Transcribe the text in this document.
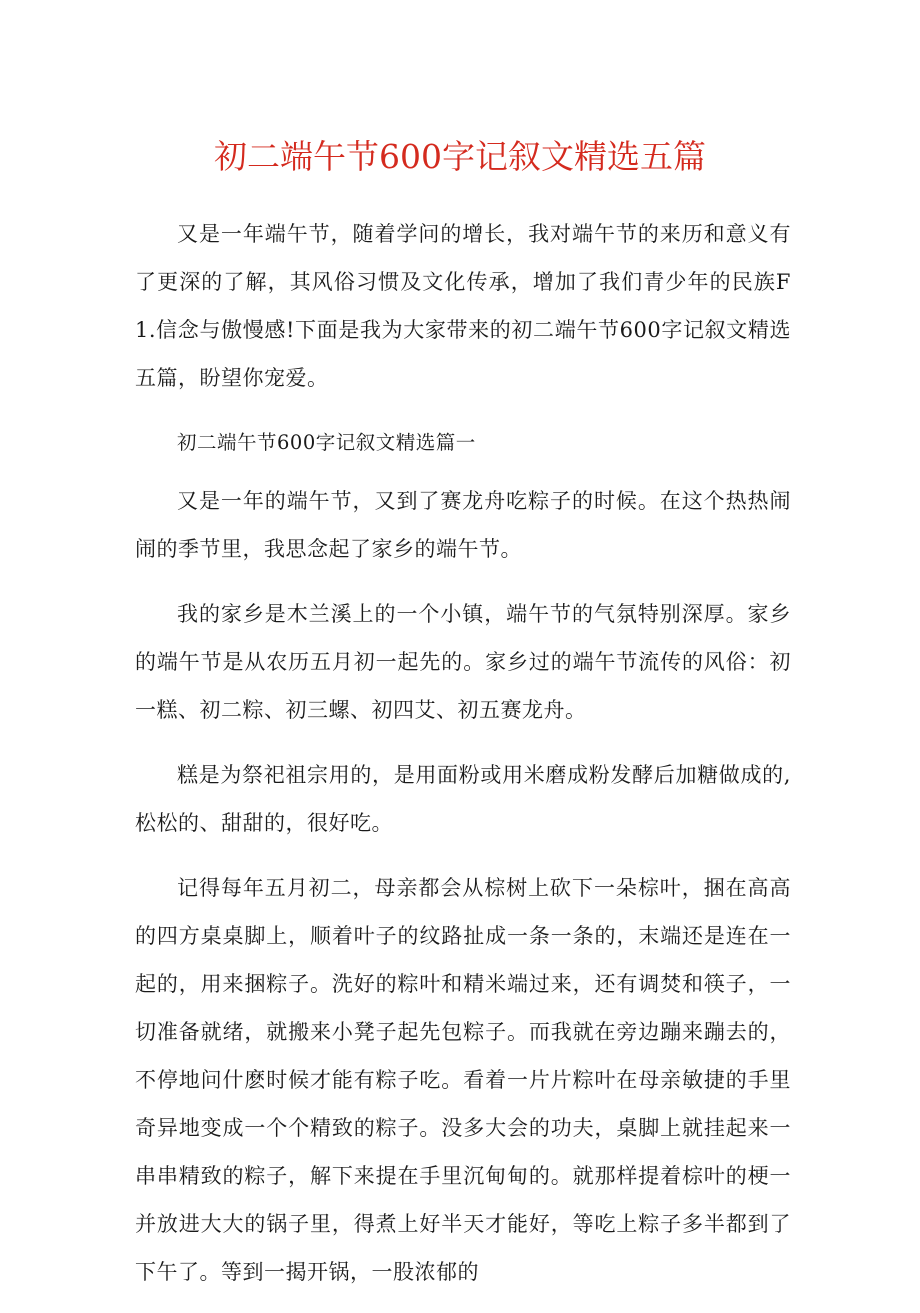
初二端午节600字记叙文精选五篇

又是一年端午节，随着学问的增长，我对端午节的来历和意义有了更深的了解，其风俗习惯及文化传承，增加了我们青少年的民族F1.信念与傲慢感!下面是我为大家带来的初二端午节600字记叙文精选五篇，盼望你宠爱。

初二端午节600字记叙文精选篇一

又是一年的端午节，又到了赛龙舟吃粽子的时候。在这个热热闹闹的季节里，我思念起了家乡的端午节。

我的家乡是木兰溪上的一个小镇，端午节的气氛特别深厚。家乡的端午节是从农历五月初一起先的。家乡过的端午节流传的风俗：初一糕、初二粽、初三螺、初四艾、初五赛龙舟。

糕是为祭祀祖宗用的，是用面粉或用米磨成粉发酵后加糖做成的,松松的、甜甜的，很好吃。

记得每年五月初二，母亲都会从棕树上砍下一朵棕叶，捆在高高的四方桌桌脚上，顺着叶子的纹路扯成一条一条的，末端还是连在一起的，用来捆粽子。洗好的粽叶和精米端过来，还有调焚和筷子，一切准备就绪，就搬来小凳子起先包粽子。而我就在旁边蹦来蹦去的，不停地问什麽时候才能有粽子吃。看着一片片粽叶在母亲敏捷的手里奇异地变成一个个精致的粽子。没多大会的功夫，桌脚上就挂起来一串串精致的粽子，解下来提在手里沉甸甸的。就那样提着棕叶的梗一并放进大大的锅子里，得煮上好半天才能好，等吃上粽子多半都到了下午了。等到一揭开锅，一股浓郁的
